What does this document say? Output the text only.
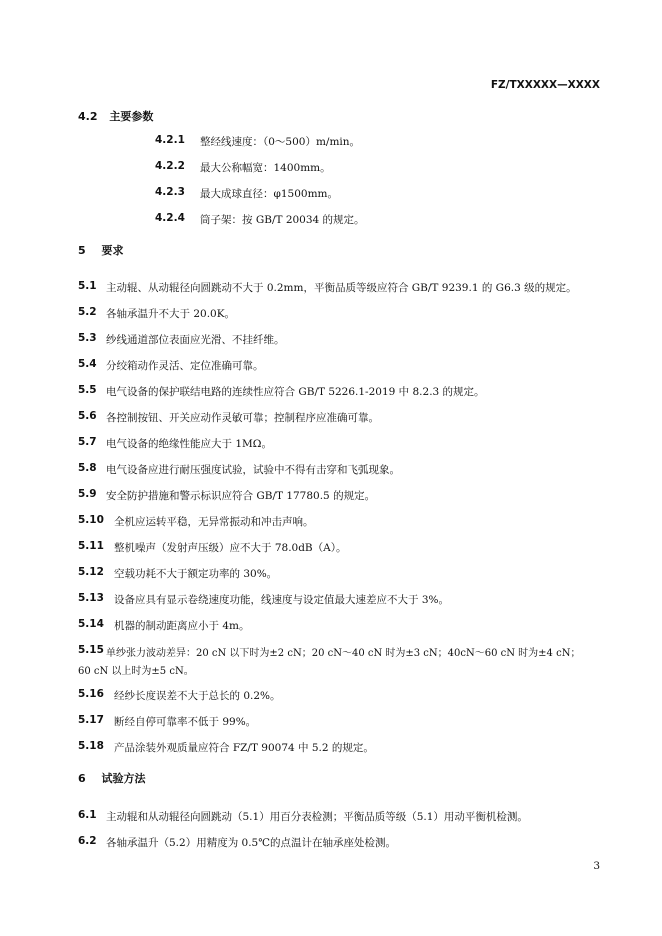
FZ/TXXXXX—XXXX
4.2 主要参数
4.2.1 整经线速度：（0～500）m/min。
4.2.2 最大公称幅宽：1400mm。
4.2.3 最大成球直径：φ1500mm。
4.2.4 筒子架：按 GB/T 20034 的规定。
5 要求
5.1 主动辊、从动辊径向圆跳动不大于 0.2mm，平衡品质等级应符合 GB/T 9239.1 的 G6.3 级的规定。
5.2 各轴承温升不大于 20.0K。
5.3 纱线通道部位表面应光滑、不挂纤维。
5.4 分绞箱动作灵活、定位准确可靠。
5.5 电气设备的保护联结电路的连续性应符合 GB/T 5226.1-2019 中 8.2.3 的规定。
5.6 各控制按钮、开关应动作灵敏可靠；控制程序应准确可靠。
5.7 电气设备的绝缘性能应大于 1MΩ。
5.8 电气设备应进行耐压强度试验，试验中不得有击穿和飞弧现象。
5.9 安全防护措施和警示标识应符合 GB/T 17780.5 的规定。
5.10 全机应运转平稳，无异常振动和冲击声响。
5.11 整机噪声（发射声压级）应不大于 78.0dB（A）。
5.12 空载功耗不大于额定功率的 30%。
5.13 设备应具有显示卷绕速度功能，线速度与设定值最大速差应不大于 3%。
5.14 机器的制动距离应小于 4m。
5.15 单纱张力波动差异：20 cN 以下时为±2 cN；20 cN～40 cN 时为±3 cN；40cN～60 cN 时为±4 cN；
60 cN 以上时为±5 cN。
5.16 经纱长度误差不大于总长的 0.2%。
5.17 断经自停可靠率不低于 99%。
5.18 产品涂装外观质量应符合 FZ/T 90074 中 5.2 的规定。
6 试验方法
6.1 主动辊和从动辊径向圆跳动（5.1）用百分表检测；平衡品质等级（5.1）用动平衡机检测。
6.2 各轴承温升（5.2）用精度为 0.5℃的点温计在轴承座处检测。
3
